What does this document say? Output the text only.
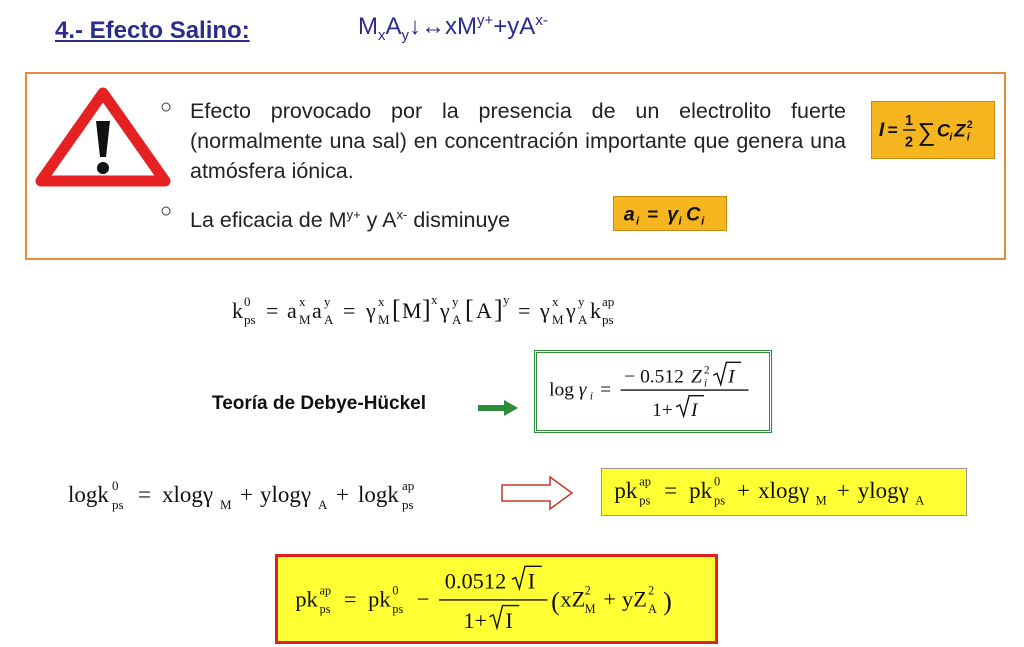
4.- Efecto Salino:	$M_xA_y↓\leftrightarrow xM^{y+}+yA^{x-}$
○ Efecto provocado por la presencia de un electrolito fuerte (normalmente una sal) en concentración importante que genera una atmósfera iónica.
○ La eficacia de $M^{y+}$ y $A^{x-}$ disminuye
I = 1
2 ∑ C i Z i
2
a i = γ i C i
k 0
ps = a x
M a y
A = γ x
M [ M ] x γ y
A [ A ] y = γ x
M γ y
A k ap
ps
Teoría de Debye-Hückel
log γ i =
− 0.512 Z i
2 I
1+ I
logk 0
ps = xlogγ M + ylogγ A + logk ap
ps
pk ap
ps = pk 0
ps + xlogγ M + ylogγ A
pk ap
ps = pk 0
ps −
0.0512 I
1+ I
( xZ 2
M + yZ 2
A )
